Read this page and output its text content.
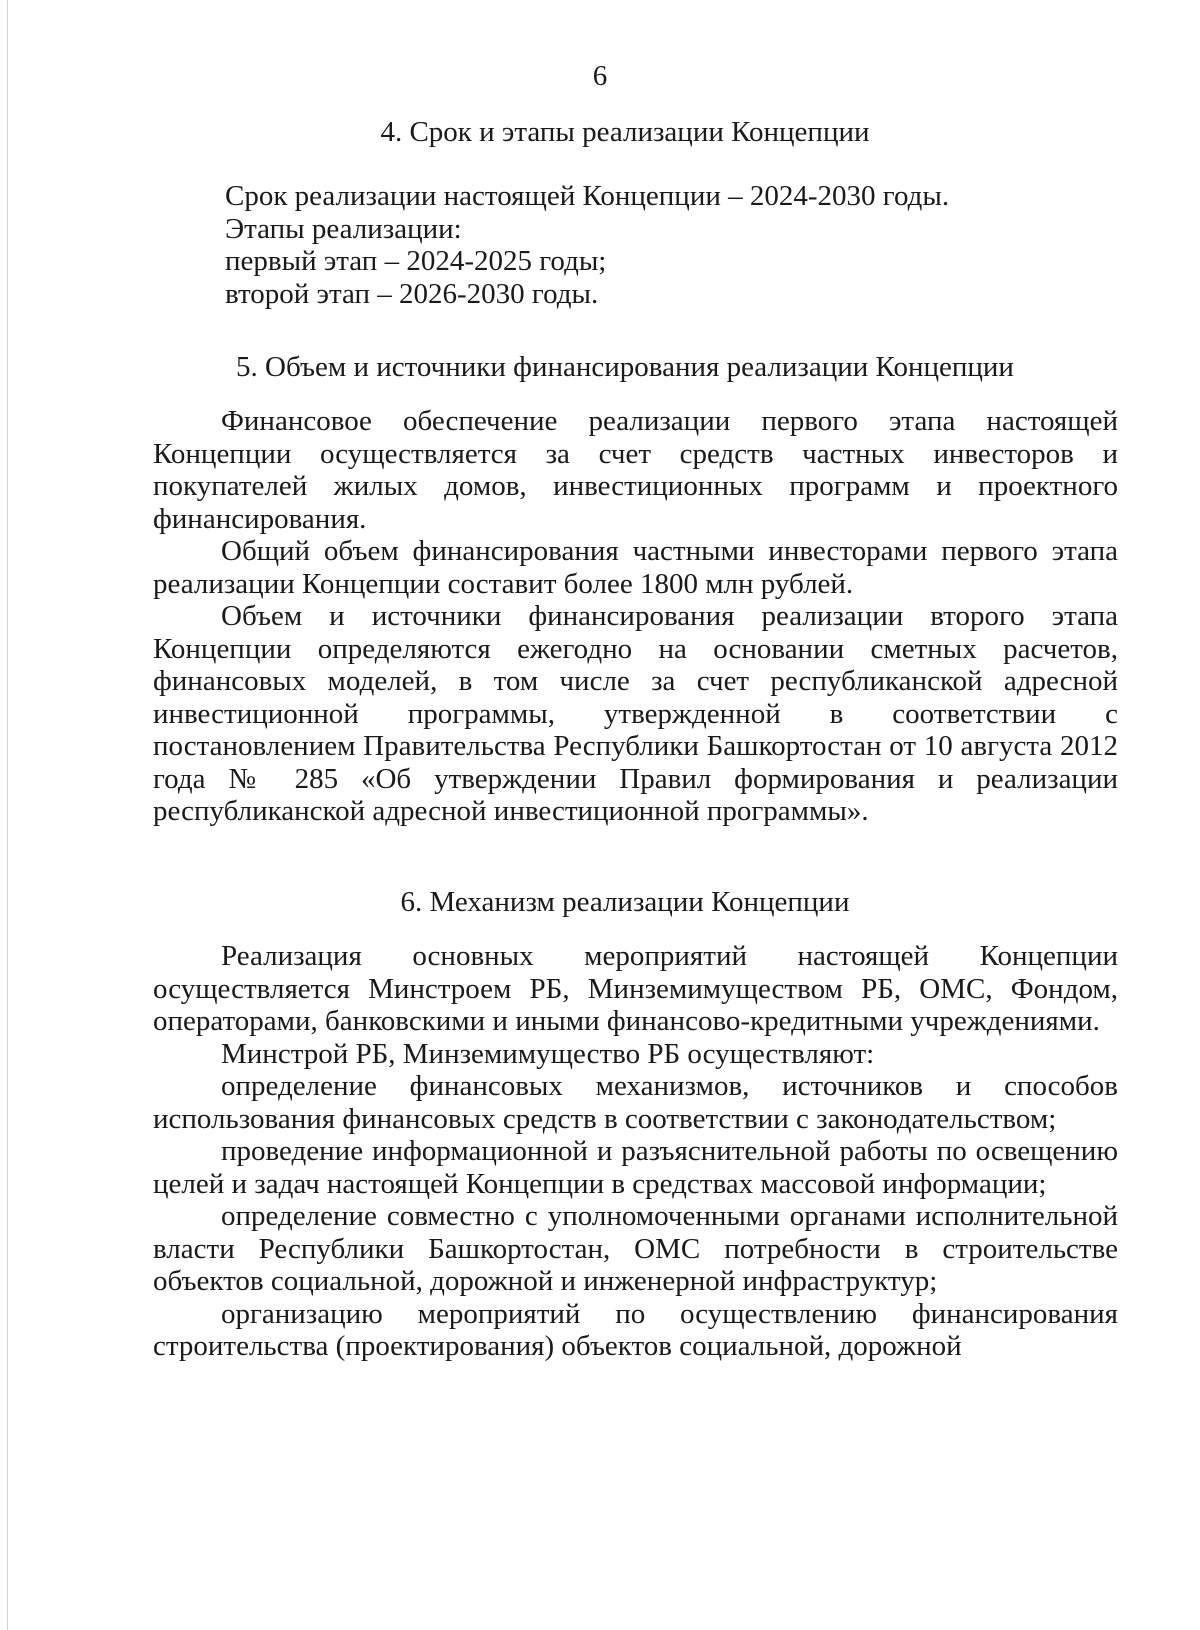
6
4. Срок и этапы реализации Концепции
Срок реализации настоящей Концепции – 2024-2030 годы.
Этапы реализации:
первый этап – 2024-2025 годы;
второй этап – 2026-2030 годы.
5. Объем и источники финансирования реализации Концепции

Финансовое обеспечение реализации первого этапа настоящей Концепции осуществляется за счет средств частных инвесторов и покупателей жилых домов, инвестиционных программ и проектного финансирования.

Общий объем финансирования частными инвесторами первого этапа реализации Концепции составит более 1800 млн рублей.

Объем и источники финансирования реализации второго этапа Концепции определяются ежегодно на основании сметных расчетов, финансовых моделей, в том числе за счет республиканской адресной инвестиционной программы, утвержденной в соответствии с постановлением Правительства Республики Башкортостан от 10 августа 2012 года № 285 «Об утверждении Правил формирования и реализации республиканской адресной инвестиционной программы».

6. Механизм реализации Концепции

Реализация основных мероприятий настоящей Концепции осуществляется Минстроем РБ, Минземимуществом РБ, ОМС, Фондом, операторами, банковскими и иными финансово-кредитными учреждениями.

Минстрой РБ, Минземимущество РБ осуществляют:

определение финансовых механизмов, источников и способов использования финансовых средств в соответствии с законодательством;

проведение информационной и разъяснительной работы по освещению целей и задач настоящей Концепции в средствах массовой информации;

определение совместно с уполномоченными органами исполнительной власти Республики Башкортостан, ОМС потребности в строительстве объектов социальной, дорожной и инженерной инфраструктур;

организацию мероприятий по осуществлению финансирования строительства (проектирования) объектов социальной, дорожной
